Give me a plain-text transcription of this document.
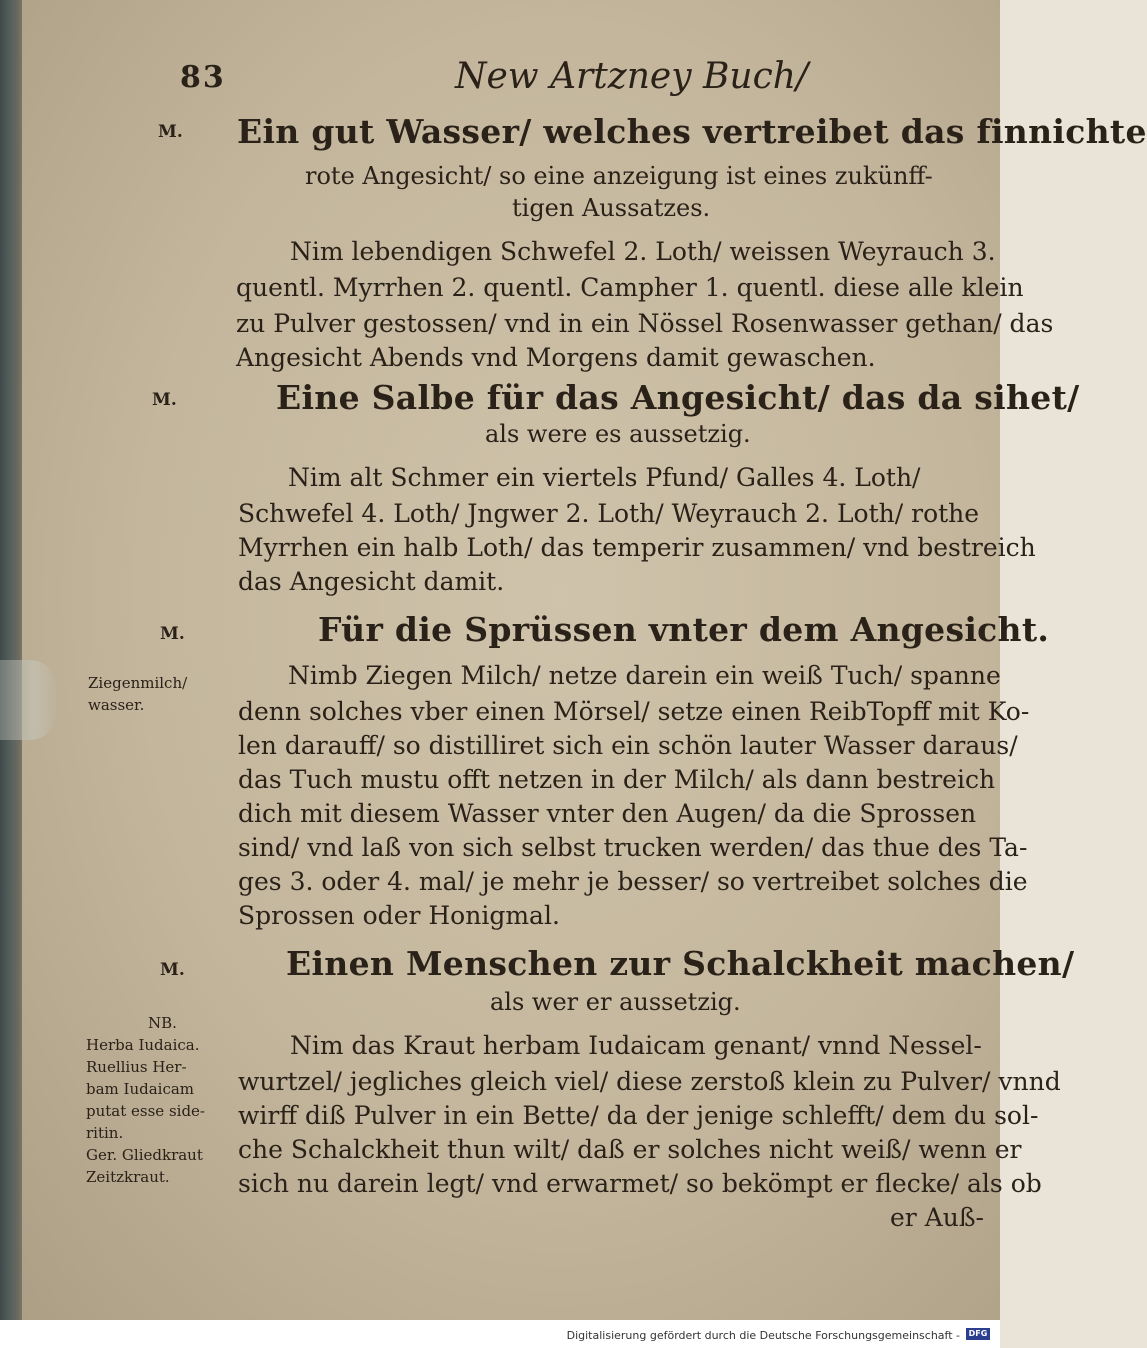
83	New Artzney Buch/
M. Ein gut Wasser/ welches vertreibet das finnichte
rote Angesicht/ so eine anzeigung ist eines zukünff-
tigen Aussatzes.
Nim lebendigen Schwefel 2. Loth/ weissen Weyrauch 3.
quentl. Myrrhen 2. quentl. Campher 1. quentl. diese alle klein
zu Pulver gestossen/ vnd in ein Nössel Rosenwasser gethan/ das
Angesicht Abends vnd Morgens damit gewaschen.
M.	Eine Salbe für das Angesicht/ das da sihet/
als were es aussetzig.
Nim alt Schmer ein viertels Pfund/ Galles 4. Loth/
Schwefel 4. Loth/ Jngwer 2. Loth/ Weyrauch 2. Loth/ rothe
Myrrhen ein halb Loth/ das temperir zusammen/ vnd bestreich
das Angesicht damit.
M.
Ziegenmilch/
wasser.
Für die Sprüssen vnter dem Angesicht.
Nimb Ziegen Milch/ netze darein ein weiß Tuch/ spanne
denn solches vber einen Mörsel/ setze einen ReibTopff mit Ko-
len darauff/ so distilliret sich ein schön lauter Wasser daraus/
das Tuch mustu offt netzen in der Milch/ als dann bestreich
dich mit diesem Wasser vnter den Augen/ da die Sprossen
sind/ vnd laß von sich selbst trucken werden/ das thue des Ta-
ges 3. oder 4. mal/ je mehr je besser/ so vertreibet solches die
Sprossen oder Honigmal.
M.
NB.
Herba Iudaica.
Ruellius Her-
bam Iudaicam
putat esse side-
ritin.
Ger. Gliedkraut
Zeitzkraut.
Einen Menschen zur Schalckheit machen/
als wer er aussetzig.
Nim das Kraut herbam Iudaicam genant/ vnnd Nessel-
wurtzel/ jegliches gleich viel/ diese zerstoß klein zu Pulver/ vnnd
wirff diß Pulver in ein Bette/ da der jenige schlefft/ dem du sol-
che Schalckheit thun wilt/ daß er solches nicht weiß/ wenn er
sich nu darein legt/ vnd erwarmet/ so bekömpt er flecke/ als ob
er Auß-
Digitalisierung gefördert durch die Deutsche Forschungsgemeinschaft -	DFG
